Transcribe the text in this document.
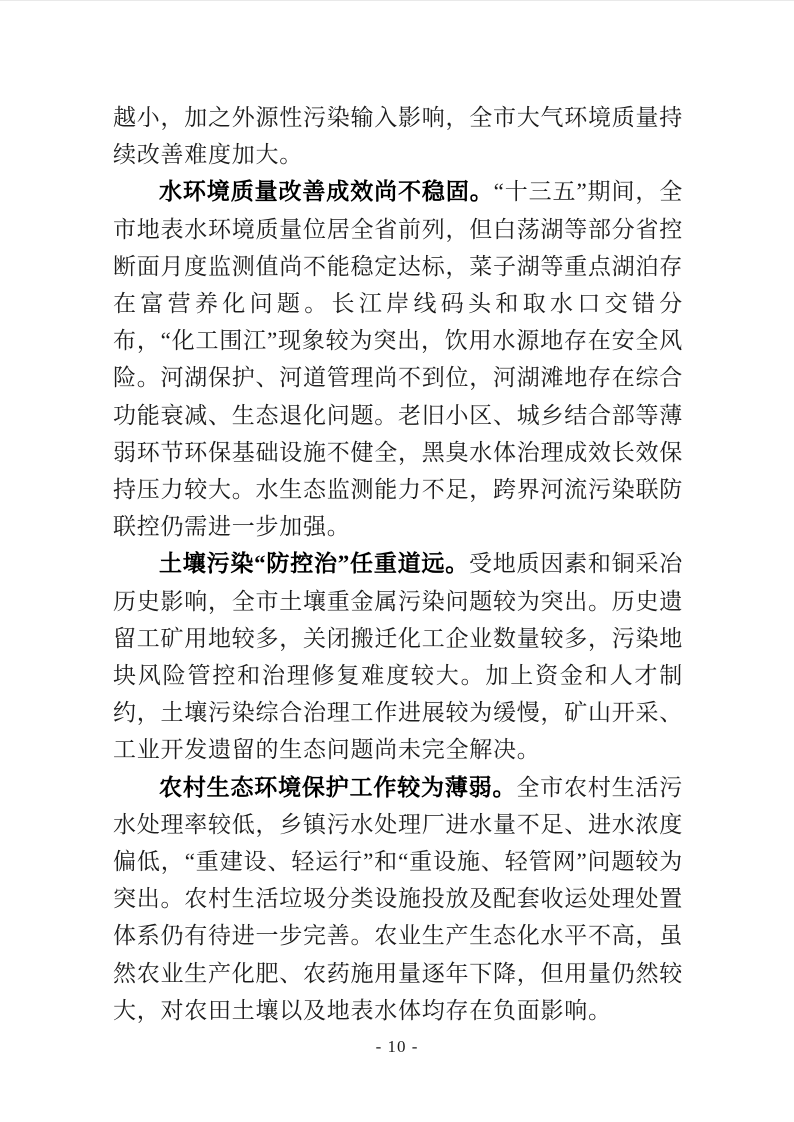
越小，加之外源性污染输入影响，全市大气环境质量持续改善难度加大。

水环境质量改善成效尚不稳固。“十三五”期间，全市地表水环境质量位居全省前列，但白荡湖等部分省控断面月度监测值尚不能稳定达标，菜子湖等重点湖泊存在富营养化问题。长江岸线码头和取水口交错分布，“化工围江”现象较为突出，饮用水源地存在安全风险。河湖保护、河道管理尚不到位，河湖滩地存在综合功能衰减、生态退化问题。老旧小区、城乡结合部等薄弱环节环保基础设施不健全，黑臭水体治理成效长效保持压力较大。水生态监测能力不足，跨界河流污染联防联控仍需进一步加强。

土壤污染“防控治”任重道远。受地质因素和铜采冶历史影响，全市土壤重金属污染问题较为突出。历史遗留工矿用地较多，关闭搬迁化工企业数量较多，污染地块风险管控和治理修复难度较大。加上资金和人才制约，土壤污染综合治理工作进展较为缓慢，矿山开采、工业开发遗留的生态问题尚未完全解决。

农村生态环境保护工作较为薄弱。全市农村生活污水处理率较低，乡镇污水处理厂进水量不足、进水浓度偏低，“重建设、轻运行”和“重设施、轻管网”问题较为突出。农村生活垃圾分类设施投放及配套收运处理处置体系仍有待进一步完善。农业生产生态化水平不高，虽然农业生产化肥、农药施用量逐年下降，但用量仍然较大，对农田土壤以及地表水体均存在负面影响。

- 10 -
